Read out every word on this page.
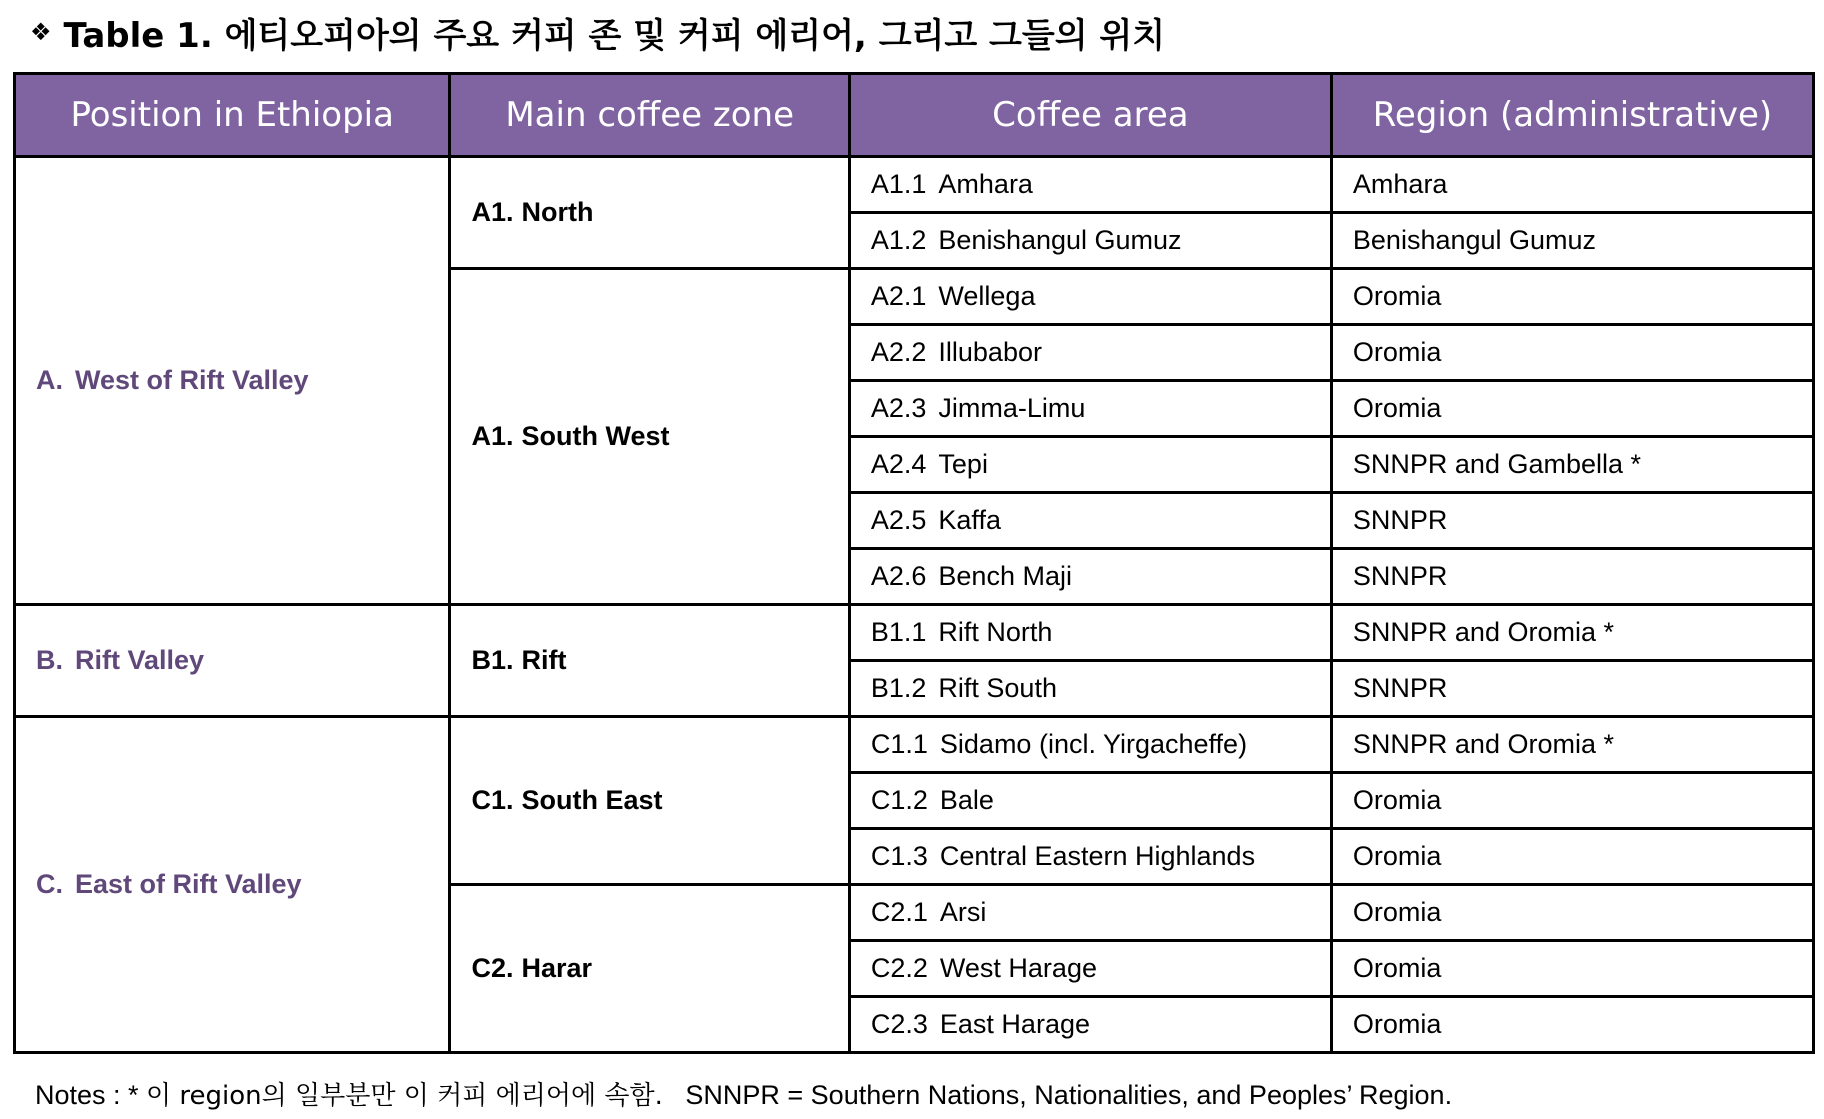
❖ Table 1. 에티오피아의 주요 커피 존 및 커피 에리어, 그리고 그들의 위치
Position in Ethiopia	Main coffee zone	Coffee area	Region (administrative)
A. West of Rift Valley	A1. North	A1.1 Amhara	Amhara
		A1.2 Benishangul Gumuz	Benishangul Gumuz
	A1. South West	A2.1 Wellega	Oromia
		A2.2 Illubabor	Oromia
		A2.3 Jimma-Limu	Oromia
		A2.4 Tepi	SNNPR and Gambella *
		A2.5 Kaffa	SNNPR
		A2.6 Bench Maji	SNNPR
B. Rift Valley	B1. Rift	B1.1 Rift North	SNNPR and Oromia *
		B1.2 Rift South	SNNPR
C. East of Rift Valley	C1. South East	C1.1 Sidamo (incl. Yirgacheffe)	SNNPR and Oromia *
		C1.2 Bale	Oromia
		C1.3 Central Eastern Highlands	Oromia
	C2. Harar	C2.1 Arsi	Oromia
		C2.2 West Harage	Oromia
		C2.3 East Harage	Oromia
Notes : * 이 region의 일부분만 이 커피 에리어에 속함. SNNPR = Southern Nations, Nationalities, and Peoples’ Region.
